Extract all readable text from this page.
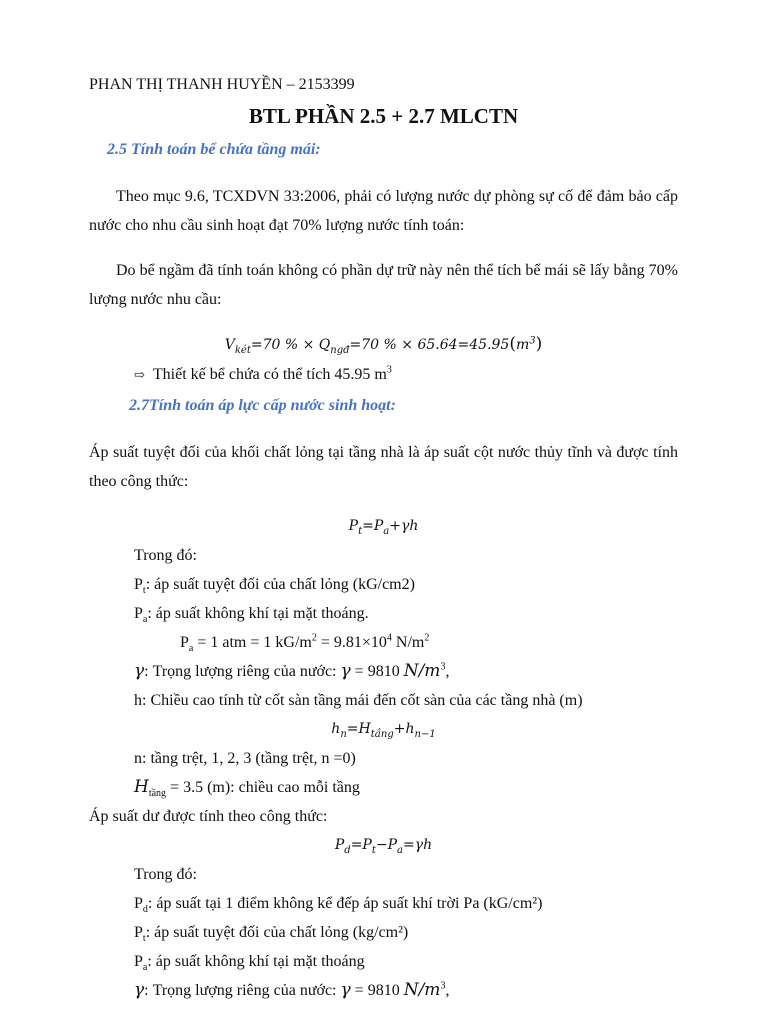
PHAN THỊ THANH HUYỀN – 2153399
BTL PHẦN 2.5 + 2.7 MLCTN
2.5 Tính toán bể chứa tầng mái:

Theo mục 9.6, TCXDVN 33:2006, phải có lượng nước dự phòng sự cố để đảm bảo cấp nước cho nhu cầu sinh hoạt đạt 70% lượng nước tính toán:

Do bể ngầm đã tính toán không có phần dự trữ này nên thể tích bể mái sẽ lấy bằng 70% lượng nước nhu cầu:

$V_{két}=70$ % × $Q_{ngđ}=70$ % × $65.64=45.95(m^3)$
⇨ Thiết kế bể chứa có thể tích 45.95 $m^3$
2.7Tính toán áp lực cấp nước sinh hoạt:

Áp suất tuyệt đối của khối chất lỏng tại tầng nhà là áp suất cột nước thủy tĩnh và được tính theo công thức:

$P_t=P_a+\gamma h$
Trong đó:
$P_t$: áp suất tuyệt đối của chất lỏng (kG/cm2)
$P_a$: áp suất không khí tại mặt thoáng.
$P_a = 1$ atm = 1 $kG/m^2 = 9.81\times 10^4$ $N/m^2$
γ: Trọng lượng riêng của nước: γ = 9810 $N/m^3$,
h: Chiều cao tính từ cốt sàn tầng mái đến cốt sàn của các tầng nhà (m)
$h_n=H_{tầng}+h_{n-1}$
n: tầng trệt, 1, 2, 3 (tầng trệt, n =0)
$H_{tầng} = 3.5$ (m): chiều cao mỗi tầng
Áp suất dư được tính theo công thức:
$P_d=P_t-P_a=\gamma h$
Trong đó:
$P_d$: áp suất tại 1 điểm không kể đếp áp suất khí trời Pa (kG/cm²)
$P_t$: áp suất tuyệt đối của chất lỏng (kg/cm²)
$P_a$: áp suất không khí tại mặt thoáng
γ: Trọng lượng riêng của nước: γ = 9810 $N/m^3$,
